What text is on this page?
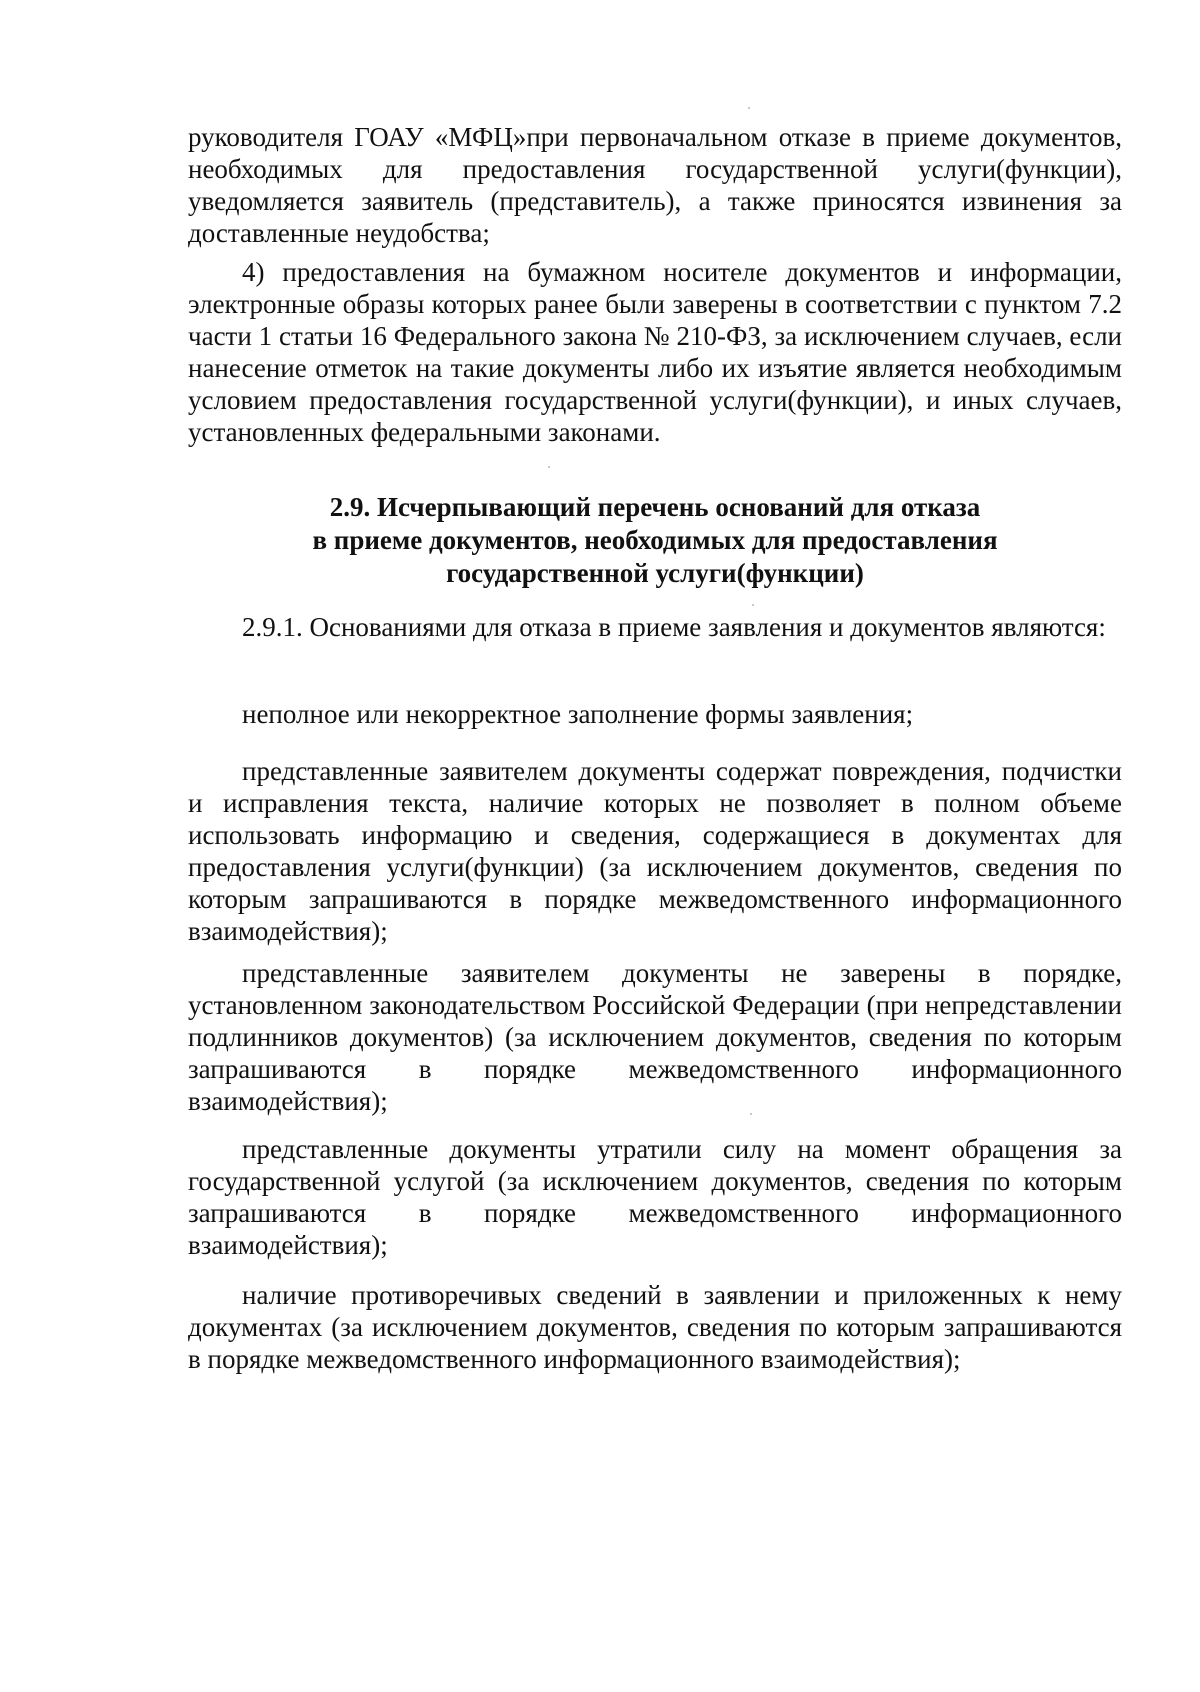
руководителя ГОАУ «МФЦ»при первоначальном отказе в приеме документов, необходимых для предоставления государственной услуги(функции), уведомляется заявитель (представитель), а также приносятся извинения за доставленные неудобства;

4) предоставления на бумажном носителе документов и информации, электронные образы которых ранее были заверены в соответствии с пунктом 7.2 части 1 статьи 16 Федерального закона № 210-ФЗ, за исключением случаев, если нанесение отметок на такие документы либо их изъятие является необходимым условием предоставления государственной услуги(функции), и иных случаев, установленных федеральными законами.

2.9. Исчерпывающий перечень оснований для отказа
в приеме документов, необходимых для предоставления
государственной услуги(функции)

2.9.1. Основаниями для отказа в приеме заявления и документов являются:

неполное или некорректное заполнение формы заявления;

представленные заявителем документы содержат повреждения, подчистки и исправления текста, наличие которых не позволяет в полном объеме использовать информацию и сведения, содержащиеся в документах для предоставления услуги(функции) (за исключением документов, сведения по которым запрашиваются в порядке межведомственного информационного взаимодействия);

представленные заявителем документы не заверены в порядке, установленном законодательством Российской Федерации (при непредставлении подлинников документов) (за исключением документов, сведения по которым запрашиваются в порядке межведомственного информационного взаимодействия);

представленные документы утратили силу на момент обращения за государственной услугой (за исключением документов, сведения по которым запрашиваются в порядке межведомственного информационного взаимодействия);

наличие противоречивых сведений в заявлении и приложенных к нему документах (за исключением документов, сведения по которым запрашиваются в порядке межведомственного информационного взаимодействия);
